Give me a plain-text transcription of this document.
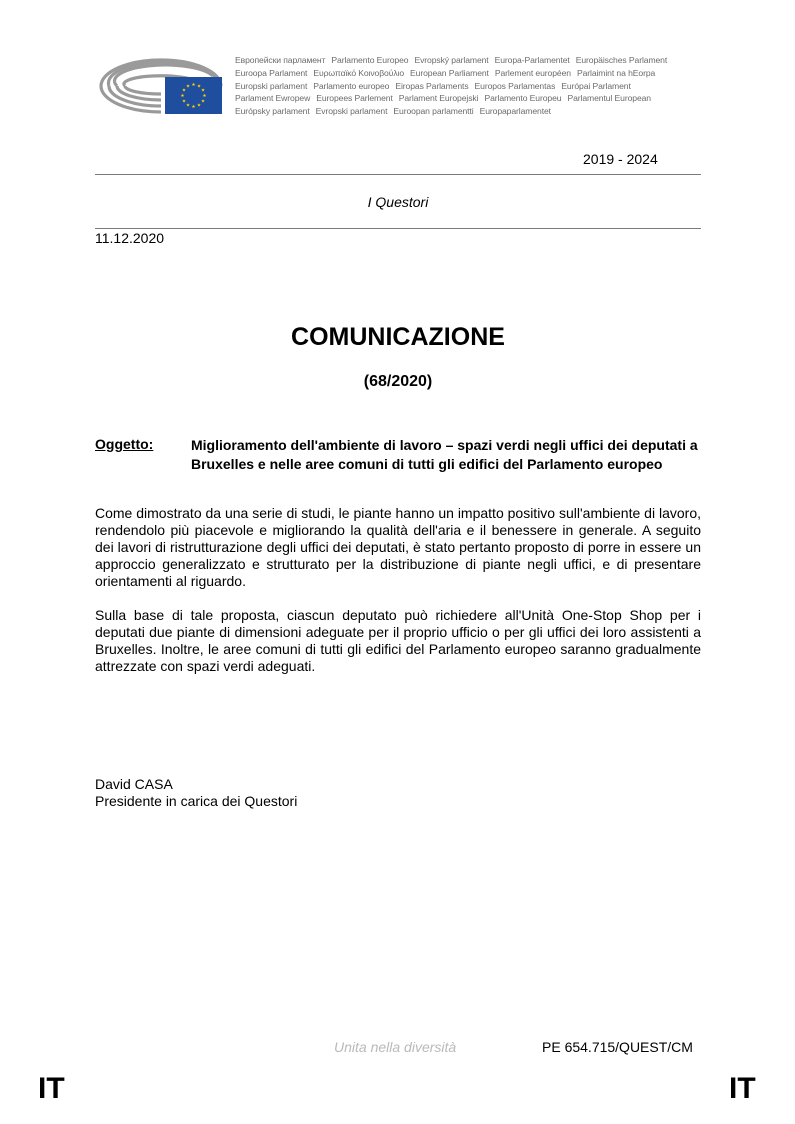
Европейски парламент Parlamento Europeo Evropský parlament Europa-Parlamentet Europäisches Parlament
Euroopa Parlament Ευρωπαϊκό Κοινοβούλιο European Parliament Parlement européen Parlaimint na hEorpa
Europski parlament Parlamento europeo Eiropas Parlaments Europos Parlamentas Európai Parlament
Parlament Ewropew Europees Parlement Parlament Europejski Parlamento Europeu Parlamentul European
Európsky parlament Evropski parlament Euroopan parlamentti Europaparlamentet
2019 - 2024
I Questori
11.12.2020
COMUNICAZIONE
(68/2020)
Oggetto:	Miglioramento dell'ambiente di lavoro – spazi verdi negli uffici dei deputati a Bruxelles e nelle aree comuni di tutti gli edifici del Parlamento europeo
Come dimostrato da una serie di studi, le piante hanno un impatto positivo sull'ambiente di lavoro, rendendolo più piacevole e migliorando la qualità dell'aria e il benessere in generale. A seguito dei lavori di ristrutturazione degli uffici dei deputati, è stato pertanto proposto di porre in essere un approccio generalizzato e strutturato per la distribuzione di piante negli uffici, e di presentare orientamenti al riguardo.
Sulla base di tale proposta, ciascun deputato può richiedere all'Unità One-Stop Shop per i deputati due piante di dimensioni adeguate per il proprio ufficio o per gli uffici dei loro assistenti a Bruxelles. Inoltre, le aree comuni di tutti gli edifici del Parlamento europeo saranno gradualmente attrezzate con spazi verdi adeguati.
David CASA
Presidente in carica dei Questori
Unita nella diversità	PE 654.715/QUEST/CM
IT	IT
